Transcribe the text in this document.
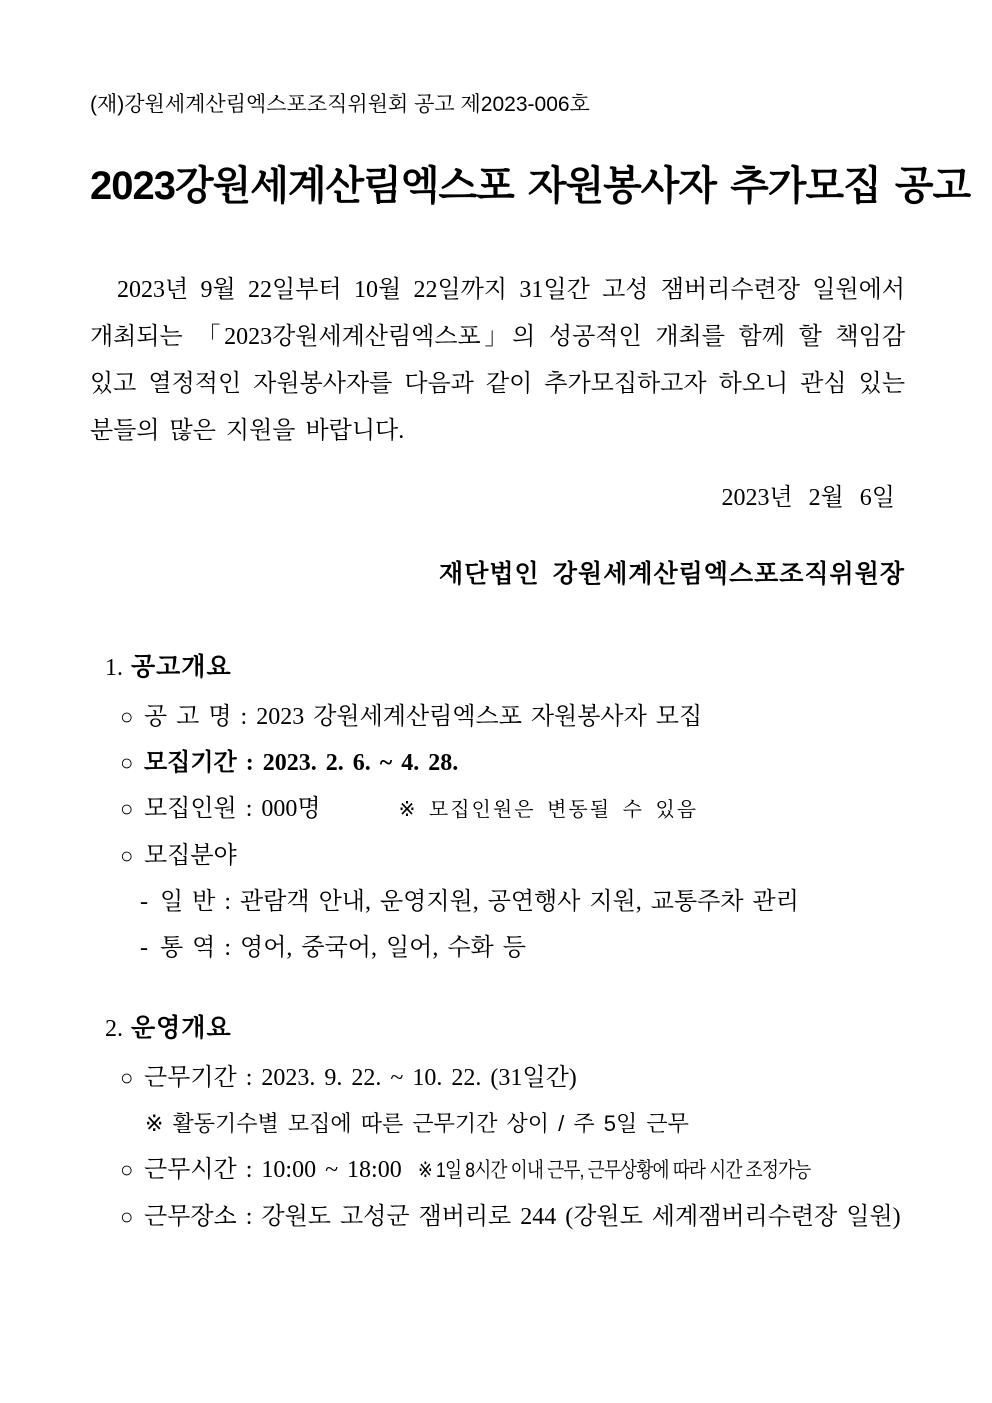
(재)강원세계산림엑스포조직위원회 공고 제2023-006호
2023강원세계산림엑스포 자원봉사자 추가모집 공고

2023년 9월 22일부터 10월 22일까지 31일간 고성 잼버리수련장 일원에서 개최되는 「2023강원세계산림엑스포」의 성공적인 개최를 함께 할 책임감 있고 열정적인 자원봉사자를 다음과 같이 추가모집하고자 하오니 관심 있는 분들의 많은 지원을 바랍니다.

2023년  2월  6일
재단법인 강원세계산림엑스포조직위원장
1. 공고개요
○ 공 고 명 : 2023 강원세계산림엑스포 자원봉사자 모집
○ 모집기간 : 2023. 2. 6. ~ 4. 28.
○ 모집인원 : 000명	※ 모집인원은 변동될 수 있음
○ 모집분야
- 일 반 : 관람객 안내, 운영지원, 공연행사 지원, 교통주차 관리
- 통 역 : 영어, 중국어, 일어, 수화 등
2. 운영개요
○ 근무기간 : 2023. 9. 22. ~ 10. 22. (31일간)
※ 활동기수별 모집에 따른 근무기간 상이 / 주 5일 근무
○ 근무시간 : 10:00 ~ 18:00 ※ 1일 8시간 이내 근무, 근무상황에 따라 시간 조정가능
○ 근무장소 : 강원도 고성군 잼버리로 244 (강원도 세계잼버리수련장 일원)
